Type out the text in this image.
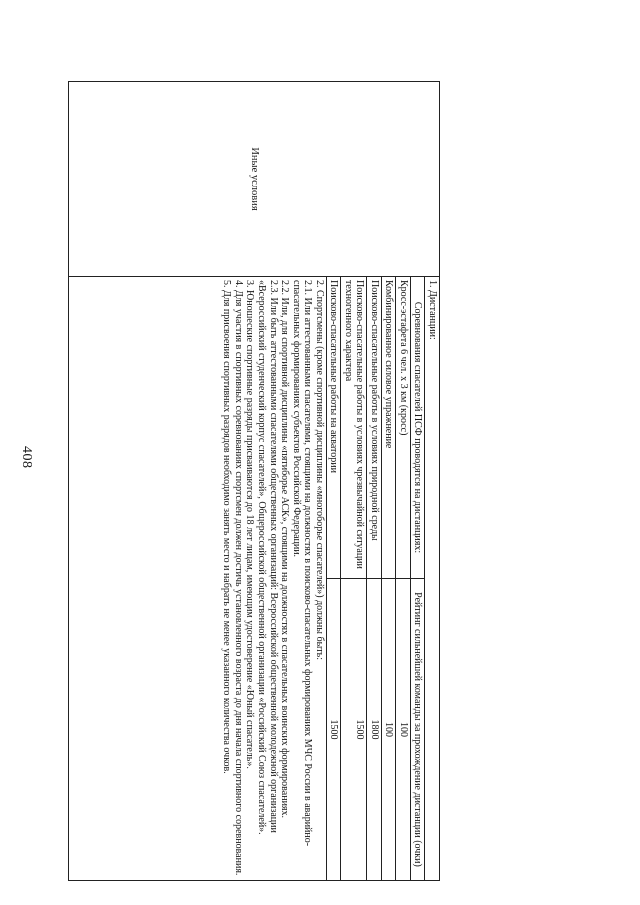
408
Иные условия	
1. Дистанции:
Соревнования спасателей ПСФ проводятся на дистанциях:	Рейтинг сильнейшей команды за прохождение дистанции (очки)
Кросс-эстафета 6 чел. х 3 км (кросс)	100
Комбинированное силовое упражнение	100
Поисково-спасательные работы в условиях природной среды	1800
Поисково-спасательные работы в условиях чрезвычайной ситуации техногенного характера	1500
Поисково-спасательные работы на акватории	1500
2. Спортсмены (кроме спортивной дисциплины «многоборье спасателей») должны быть:
2.1. Или аттестованными спасателями, стоящими на должностях в поисково-спасательных формированиях МЧС России в аварийно-спасательных формированиях субъектов Российской Федерации.
2.2. Или, для спортивной дисциплины «пятиборье АСК», стоящими на должностях в спасательных воинских формированиях.
2.3. Или быть аттестованными спасателями общественных организаций: Всероссийской общественной молодежной организации «Всероссийский студенческий корпус спасателей», Общероссийской общественной организации «Российский Союз спасателей».
3. Юношеские спортивные разряды присваиваются до 18 лет лицам, имеющим удостоверение «Юный спасатель».
4. Для участия в спортивных соревнованиях спортсмен должен достичь установленного возраста до дня начала спортивного соревнования.
5. Для присвоения спортивных разрядов необходимо занять место и набрать не менее указанного количества очков.
